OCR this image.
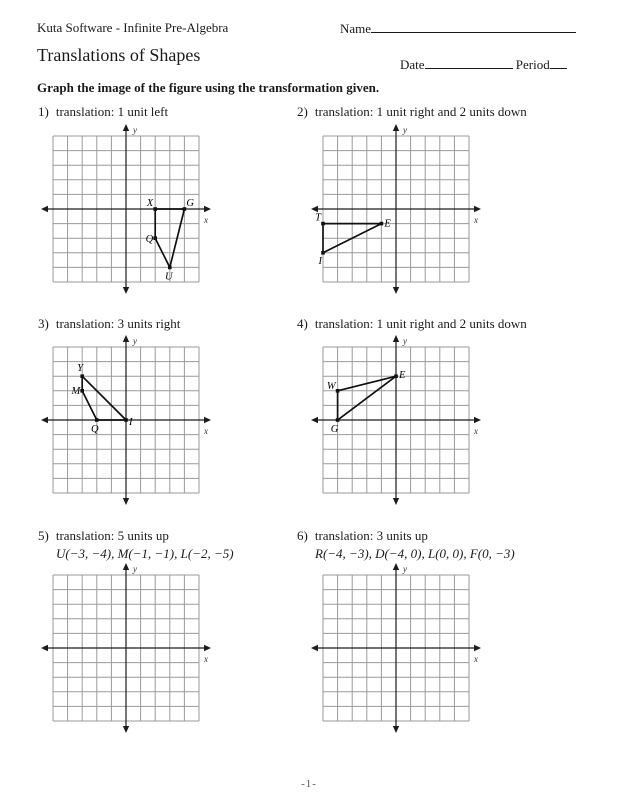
Kuta Software - Infinite Pre-Algebra	Name
Translations of Shapes	Date	Period
Graph the image of the figure using the transformation given.
1) translation: 1 unit left
y
x
X	G
U
Q
2) translation: 1 unit right and 2 units down
y
x
T
E
I
3) translation: 3 units right
y
x
Y
I
Q
M
4) translation: 1 unit right and 2 units down
y
x
W
E
G
5) translation: 5 units up
U(−3, −4), M(−1, −1), L(−2, −5)
y
x
6) translation: 3 units up
R(−4, −3), D(−4, 0), L(0, 0), F(0, −3)
y
x
-1-
